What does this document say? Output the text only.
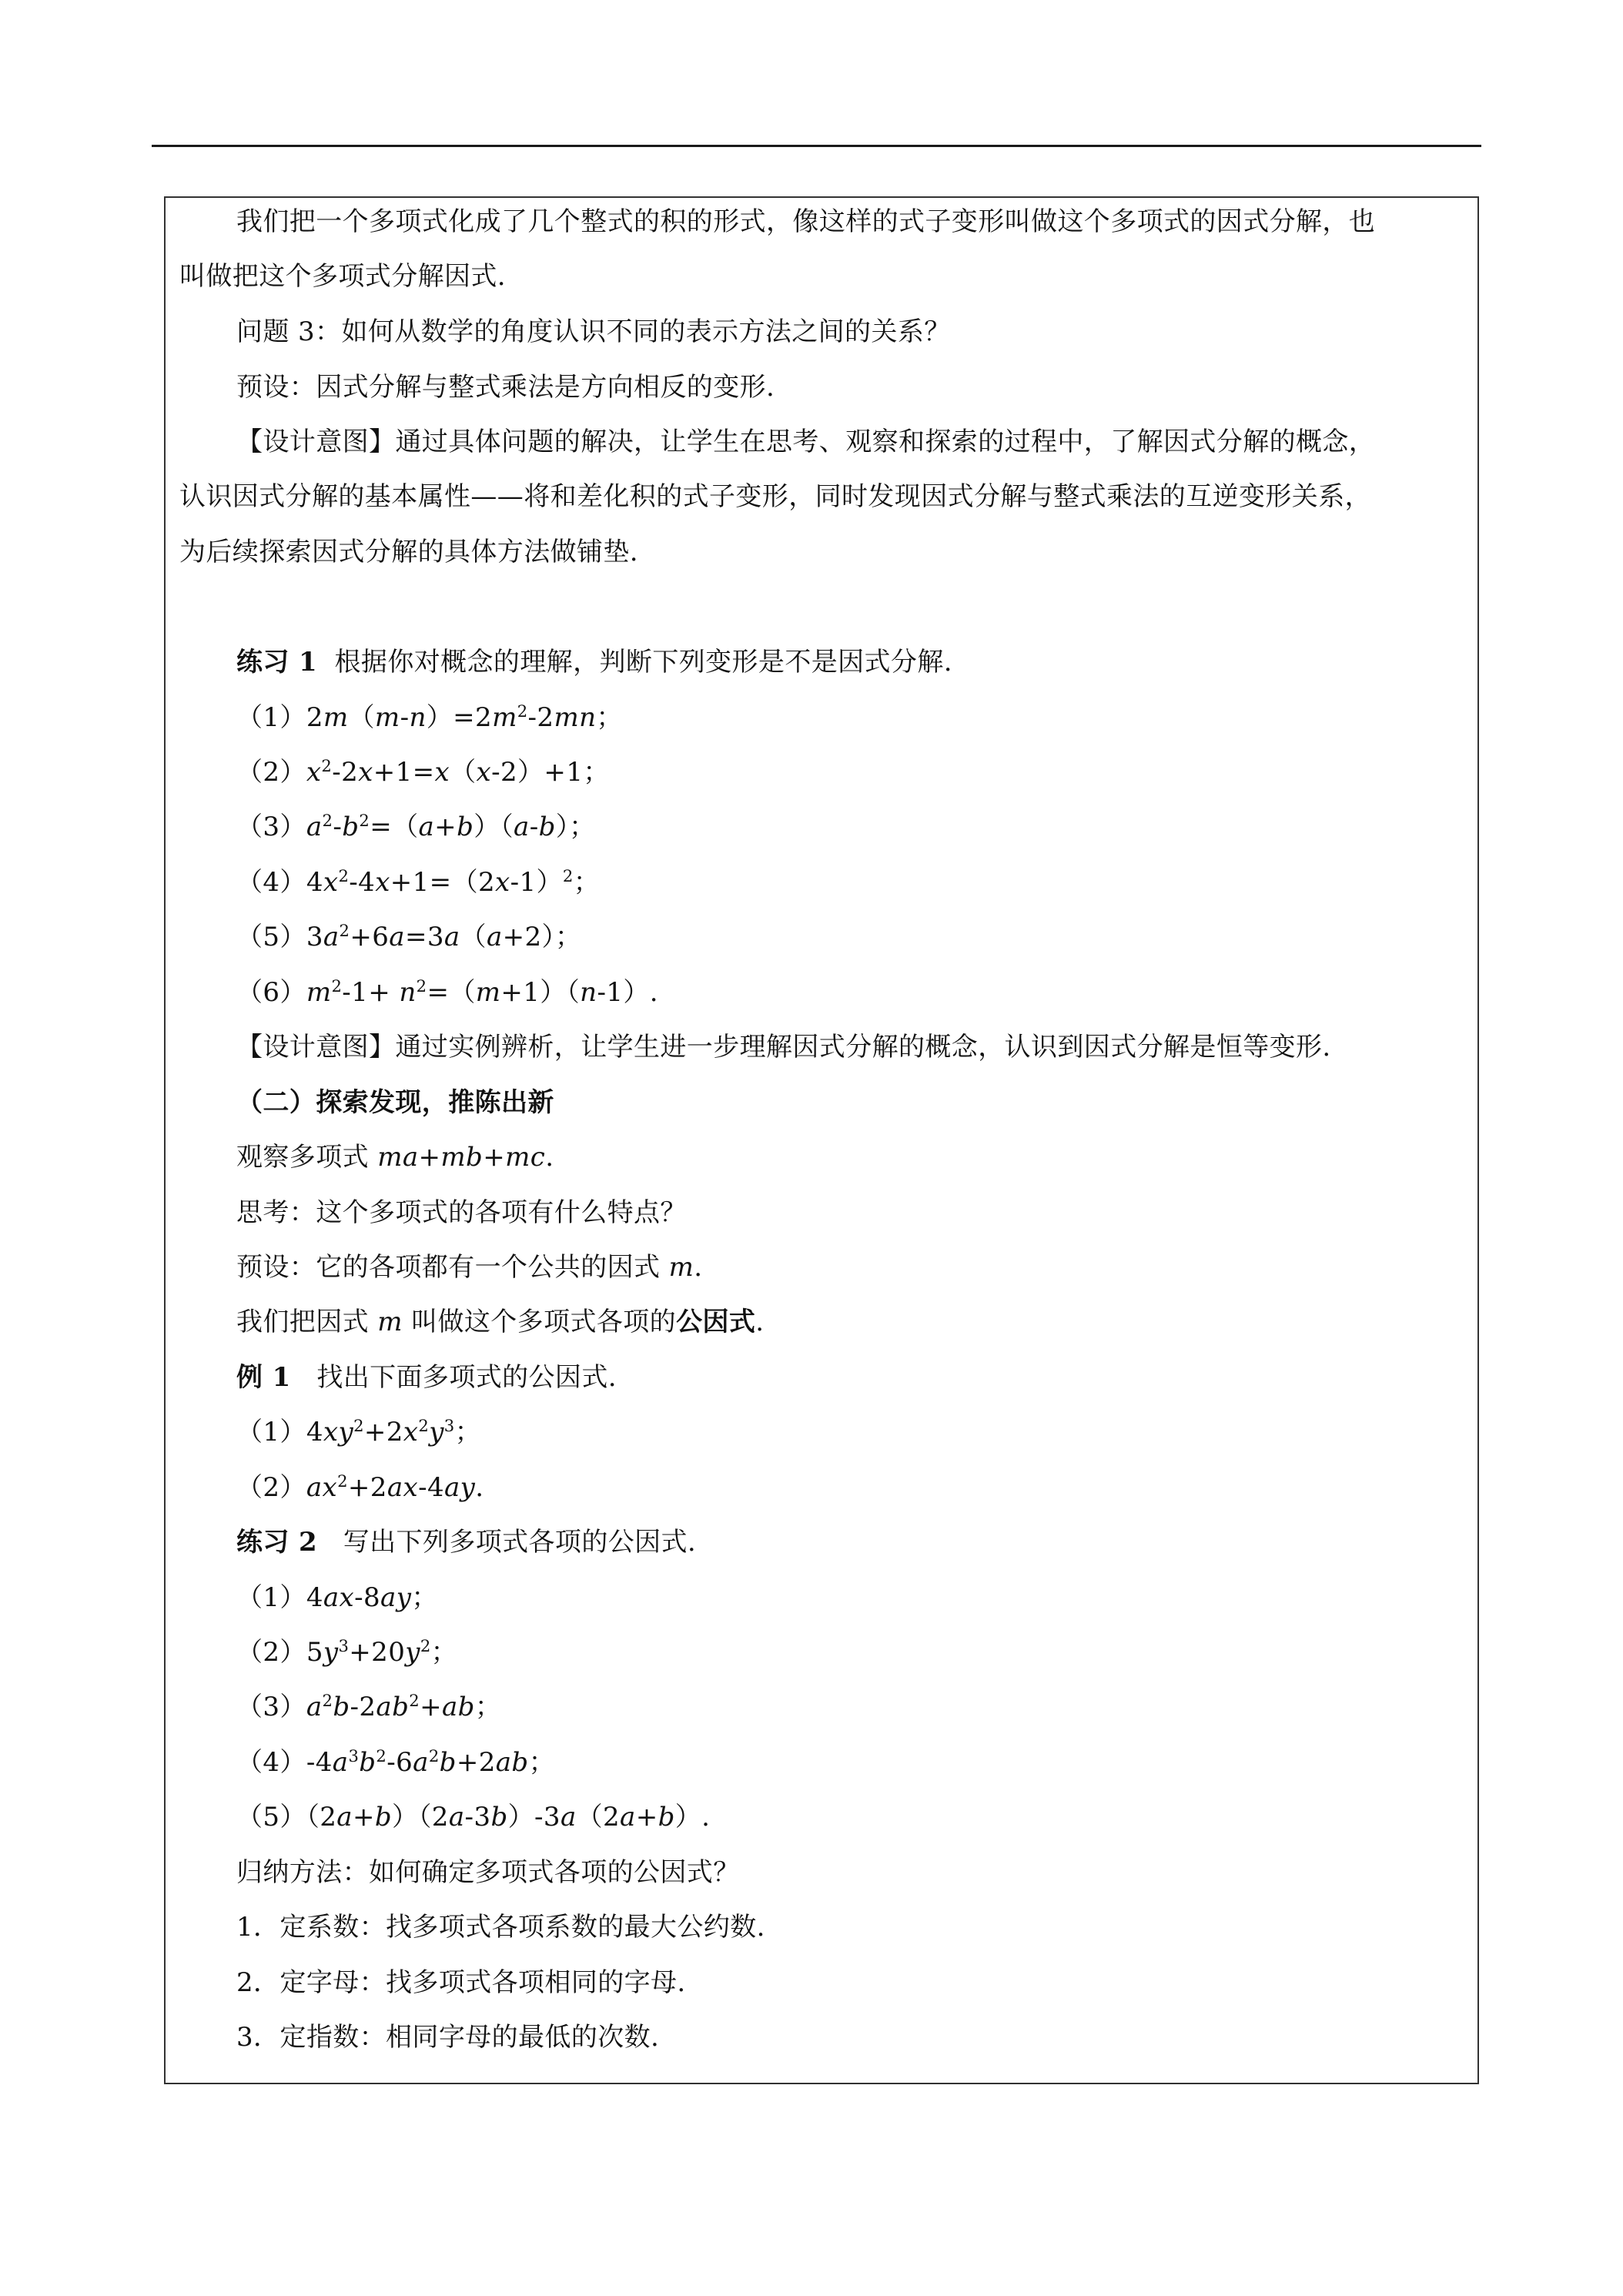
我们把一个多项式化成了几个整式的积的形式，像这样的式子变形叫做这个多项式的因式分解，也
叫做把这个多项式分解因式.
问题 3：如何从数学的角度认识不同的表示方法之间的关系？
预设：因式分解与整式乘法是方向相反的变形.
【设计意图】通过具体问题的解决，让学生在思考、观察和探索的过程中，了解因式分解的概念，
认识因式分解的基本属性——将和差化积的式子变形，同时发现因式分解与整式乘法的互逆变形关系，
为后续探索因式分解的具体方法做铺垫.
练习 1 根据你对概念的理解，判断下列变形是不是因式分解.
$(1)2m(m-n)=2m^2-2mn$；
$(2)x^2-2x+1=x(x-2)+1$；
$(3)a^2-b^2=(a+b)(a-b)$；
$(4)4x^2-4x+1=(2x-1)^2$；
$(5)3a^2+6a=3a(a+2)$；
$(6)m^2-1+ n^2=(m+1)(n-1)$.
【设计意图】通过实例辨析，让学生进一步理解因式分解的概念，认识到因式分解是恒等变形.
（二）探索发现，推陈出新
观察多项式 ma+mb+mc.
思考：这个多项式的各项有什么特点？
预设：它的各项都有一个公共的因式 m.
我们把因式 m 叫做这个多项式各项的公因式.
例 1 找出下面多项式的公因式.
$(1)4xy^2+2x^2y^3$；
$(2)ax^2+2ax-4ay$.
练习 2 写出下列多项式各项的公因式.
（1）4ax-8ay；
$(2)5y^3+20y^2$；
$(3)a^2b-2ab^2+ab$；
$(4)-4a^3b^2-6a^2b+2ab$；
（5）（2a+b）（2a-3b）-3a（2a+b）.
归纳方法：如何确定多项式各项的公因式？
1．定系数：找多项式各项系数的最大公约数.
2．定字母：找多项式各项相同的字母.
3．定指数：相同字母的最低的次数.
